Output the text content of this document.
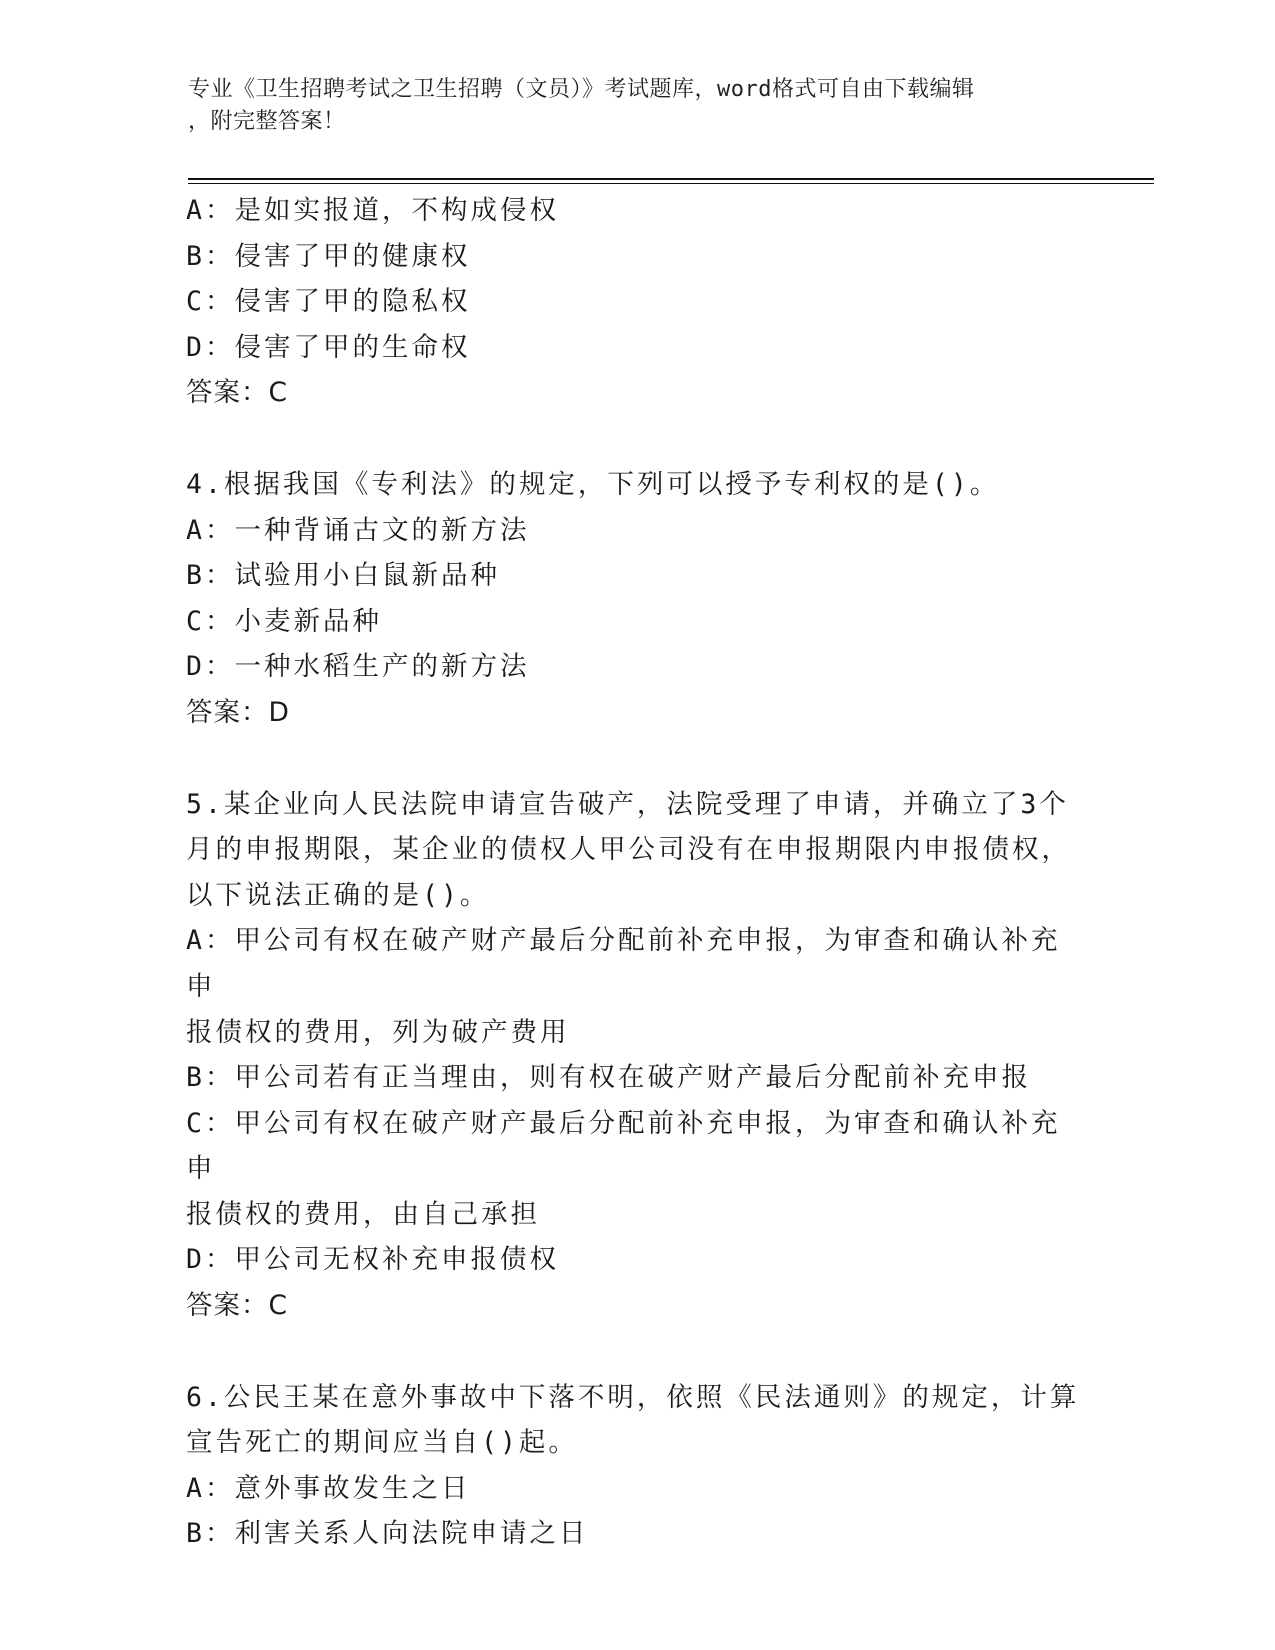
专业《卫生招聘考试之卫生招聘（文员）》考试题库，word格式可自由下载编辑
，附完整答案！
A：是如实报道，不构成侵权
B：侵害了甲的健康权
C：侵害了甲的隐私权
D：侵害了甲的生命权
答案：C
4.根据我国《专利法》的规定，下列可以授予专利权的是()。
A：一种背诵古文的新方法
B：试验用小白鼠新品种
C：小麦新品种
D：一种水稻生产的新方法
答案：D
5.某企业向人民法院申请宣告破产，法院受理了申请，并确立了3个
月的申报期限，某企业的债权人甲公司没有在申报期限内申报债权，
以下说法正确的是()。
A：甲公司有权在破产财产最后分配前补充申报，为审查和确认补充申
报债权的费用，列为破产费用
B：甲公司若有正当理由，则有权在破产财产最后分配前补充申报
C：甲公司有权在破产财产最后分配前补充申报，为审查和确认补充申
报债权的费用，由自己承担
D：甲公司无权补充申报债权
答案：C
6.公民王某在意外事故中下落不明，依照《民法通则》的规定，计算
宣告死亡的期间应当自()起。
A：意外事故发生之日
B：利害关系人向法院申请之日
